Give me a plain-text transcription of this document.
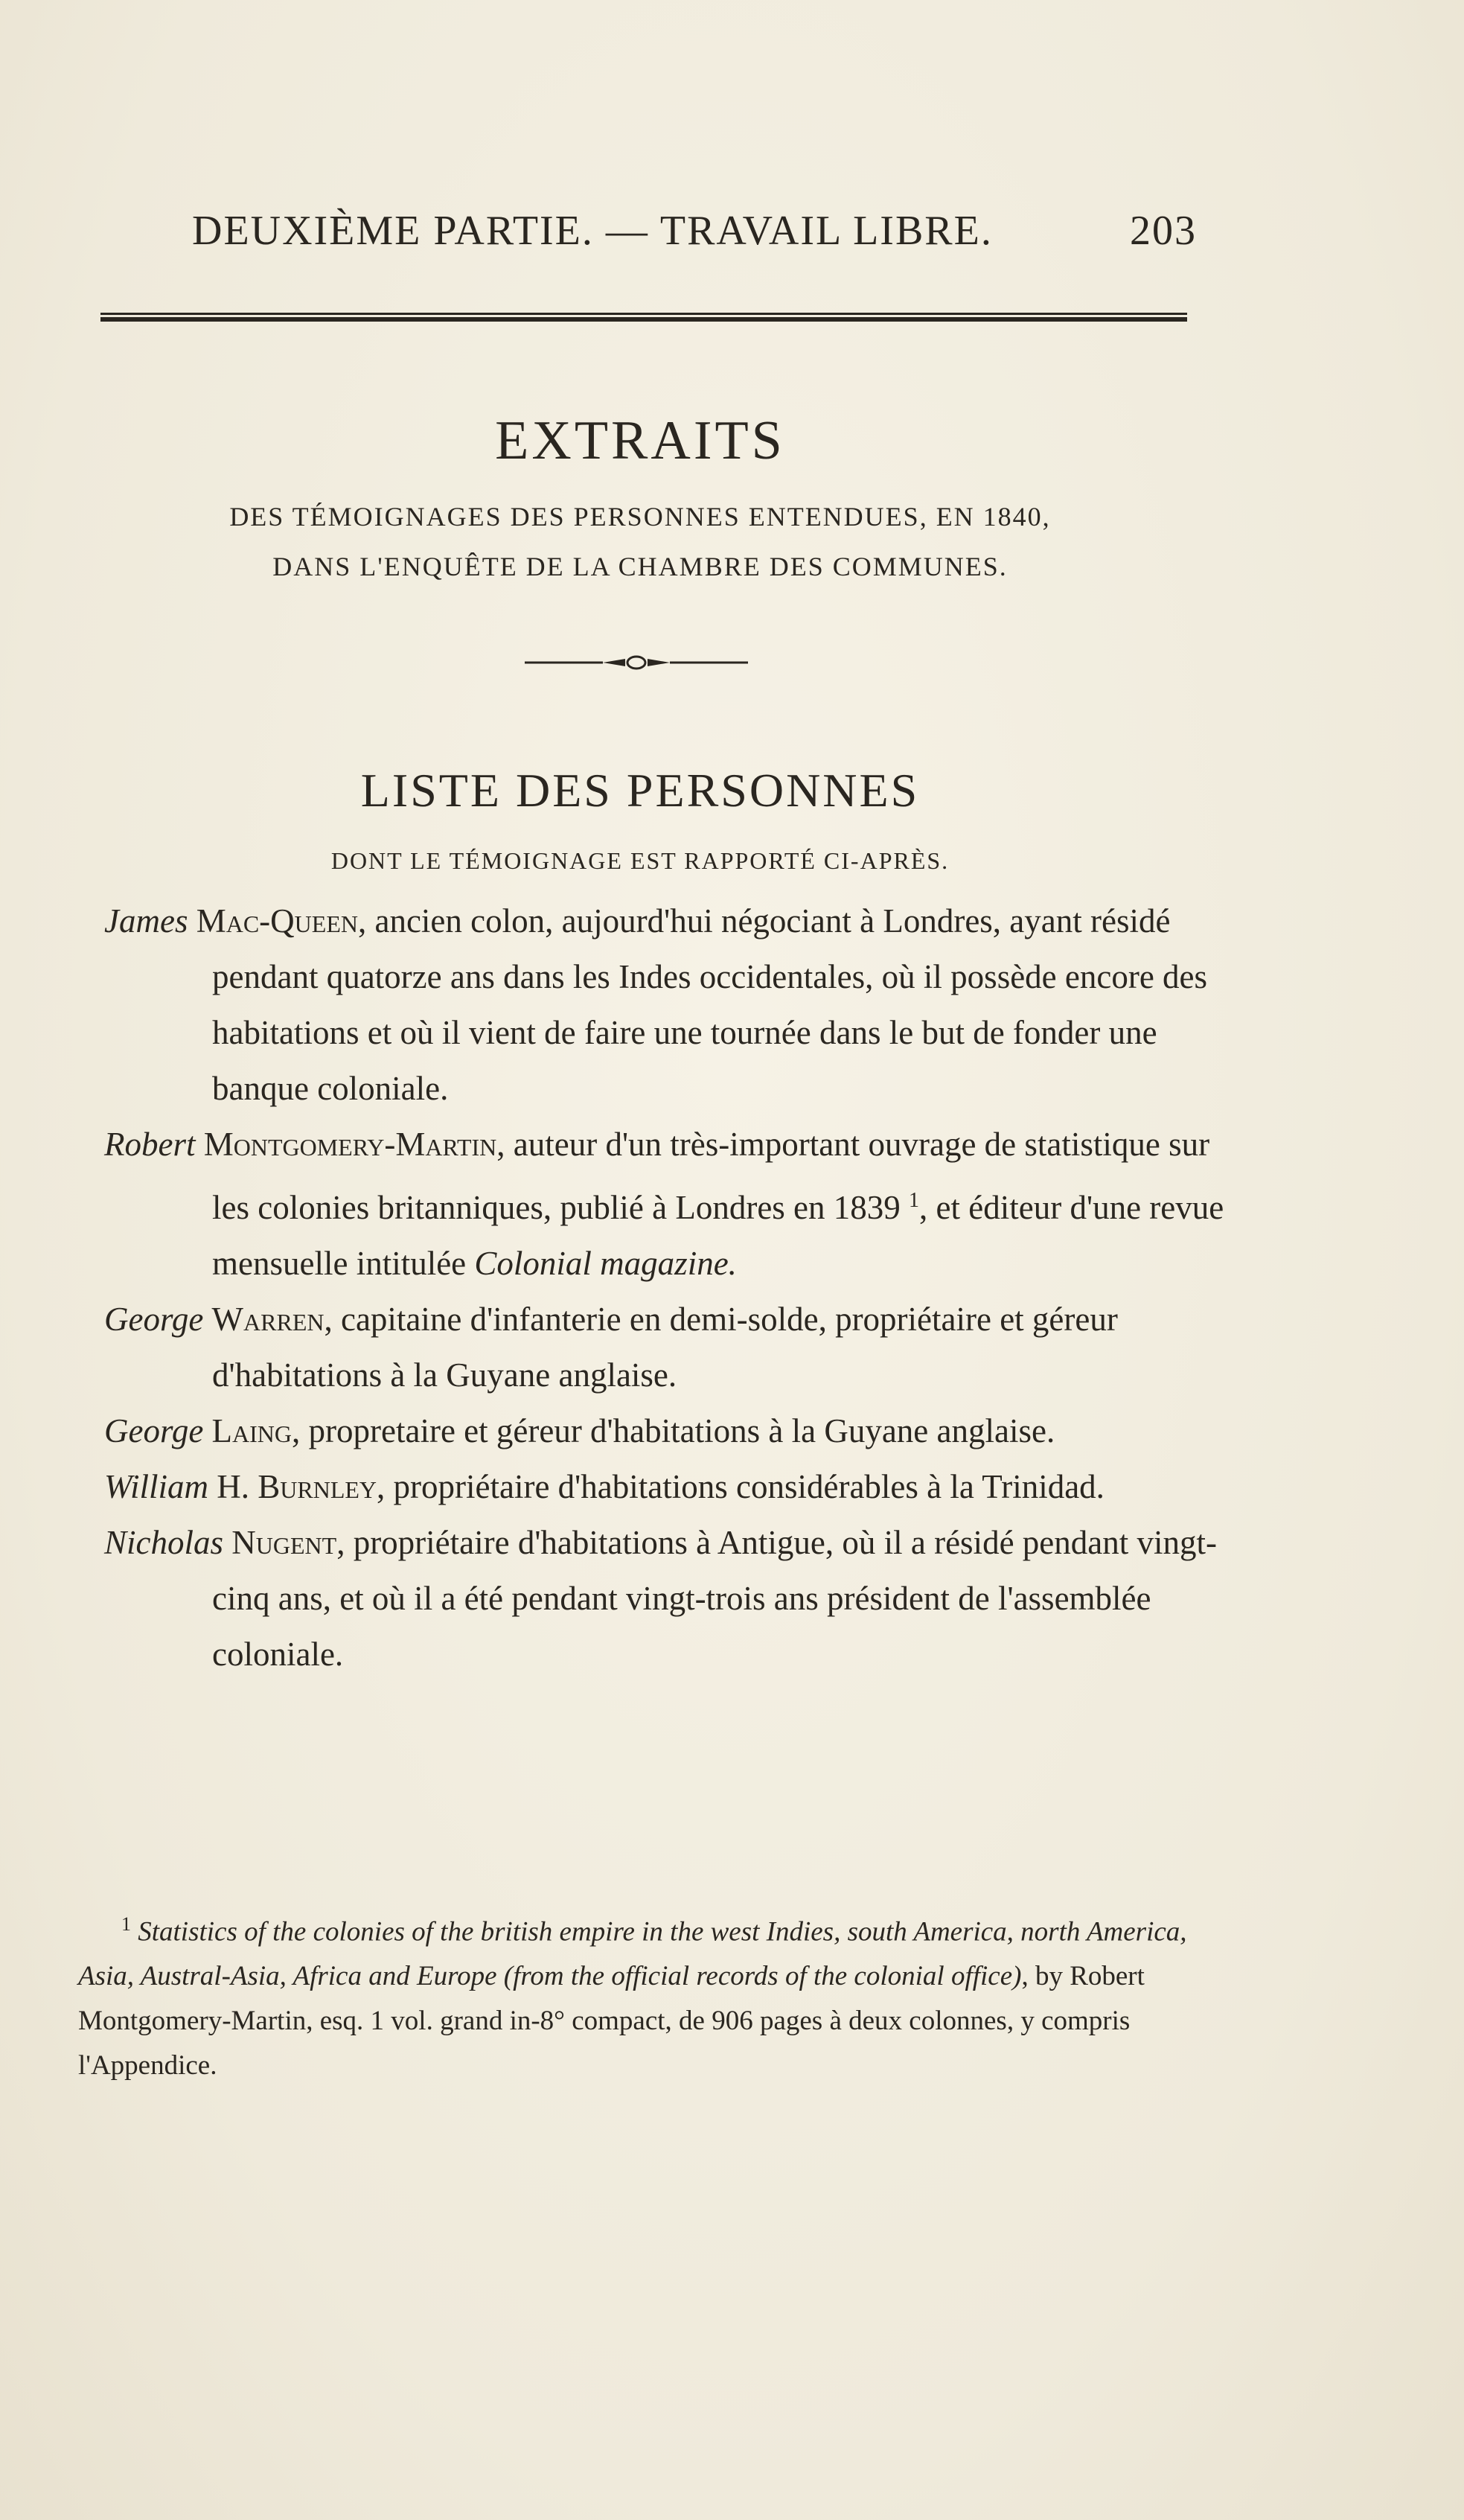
DEUXIÈME PARTIE. — TRAVAIL LIBRE.	203
EXTRAITS
DES TÉMOIGNAGES DES PERSONNES ENTENDUES, EN 1840,
DANS L'ENQUÊTE DE LA CHAMBRE DES COMMUNES.
LISTE DES PERSONNES
DONT LE TÉMOIGNAGE EST RAPPORTÉ CI-APRÈS.

James Mac-Queen, ancien colon, aujourd'hui négociant à Londres, ayant résidé pendant quatorze ans dans les Indes occidentales, où il possède encore des habitations et où il vient de faire une tournée dans le but de fonder une banque coloniale.

Robert Montgomery-Martin, auteur d'un très-important ouvrage de statistique sur les colonies britanniques, publié à Londres en 1839 $^1$, et éditeur d'une revue mensuelle intitulée Colonial magazine.

George Warren, capitaine d'infanterie en demi-solde, propriétaire et géreur d'habitations à la Guyane anglaise.

George Laing, propretaire et géreur d'habitations à la Guyane anglaise.

William H. Burnley, propriétaire d'habitations considérables à la Trinidad.

Nicholas Nugent, propriétaire d'habitations à Antigue, où il a résidé pendant vingt-cinq ans, et où il a été pendant vingt-trois ans président de l'assemblée coloniale.

$^1$ Statistics of the colonies of the british empire in the west Indies, south America, north America, Asia, Austral-Asia, Africa and Europe (from the official records of the colonial office), by Robert Montgomery-Martin, esq. 1 vol. grand in-8° compact, de 906 pages à deux colonnes, y compris l'Appendice.
